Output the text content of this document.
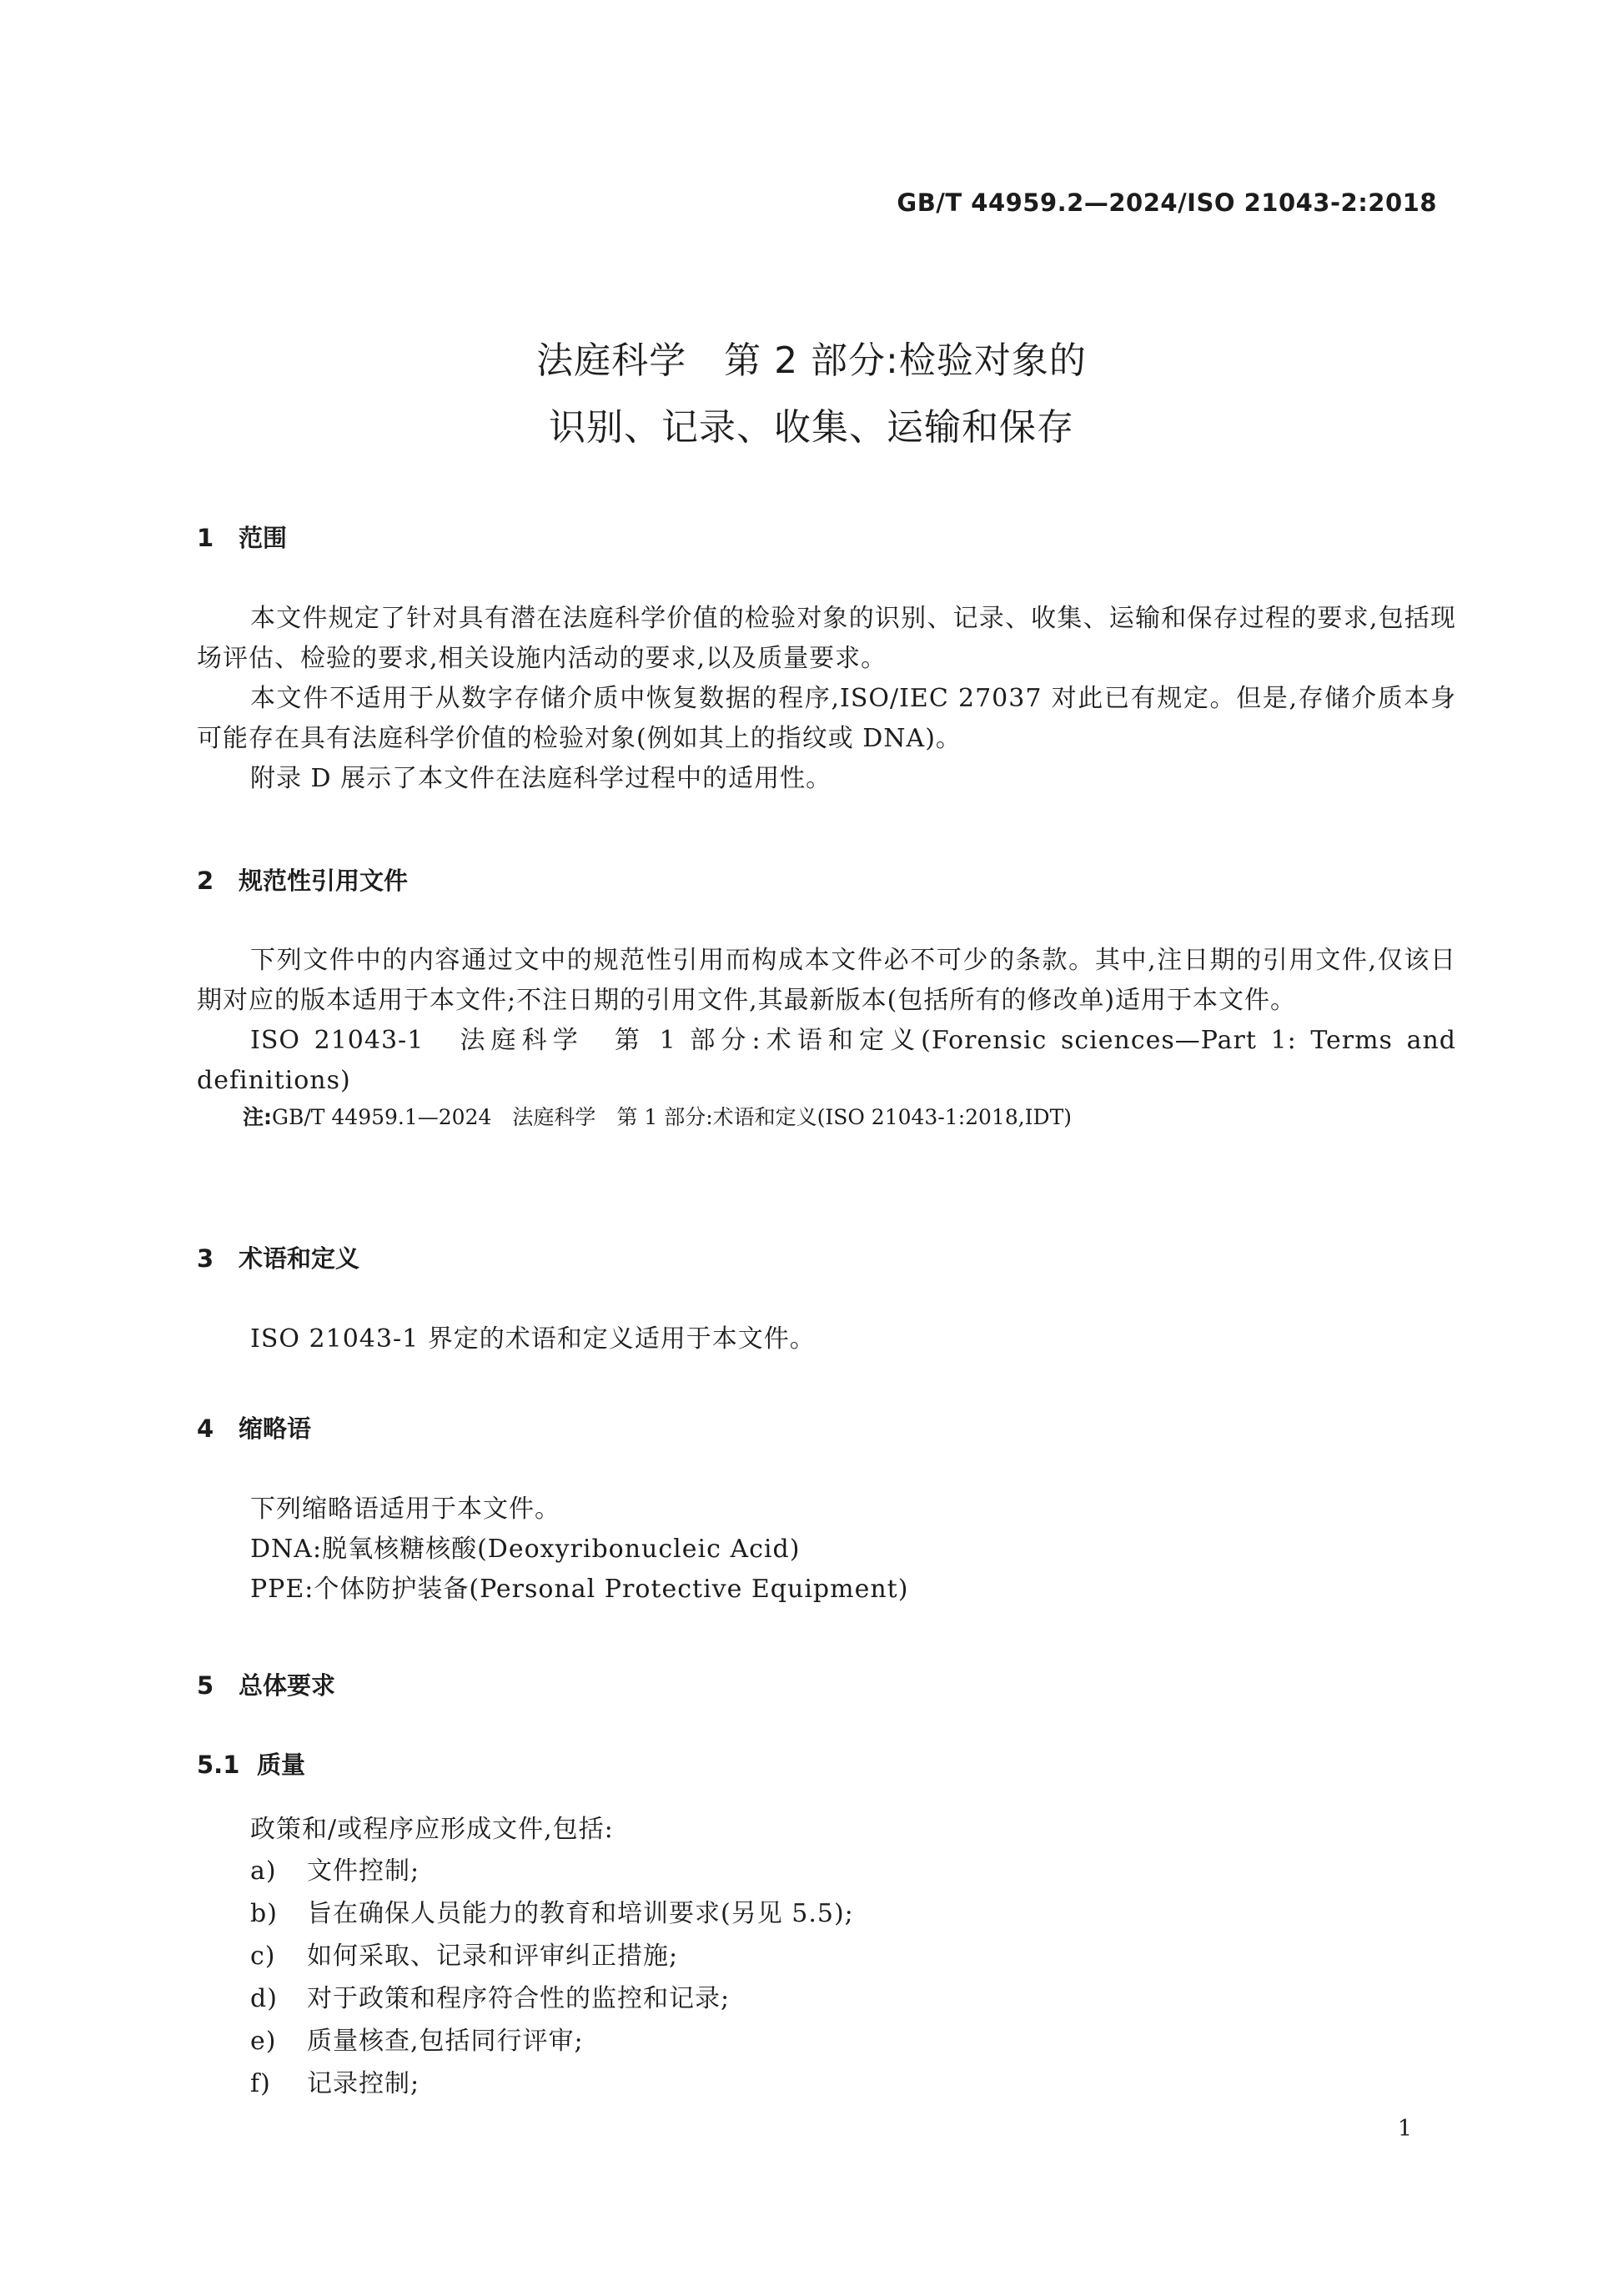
GB/T 44959.2—2024/ISO 21043-2:2018
法庭科学　第 2 部分:检验对象的
识别、记录、收集、运输和保存
1 范围

本文件规定了针对具有潜在法庭科学价值的检验对象的识别、记录、收集、运输和保存过程的要求,包括现场评估、检验的要求,相关设施内活动的要求,以及质量要求。

本文件不适用于从数字存储介质中恢复数据的程序,ISO/IEC 27037 对此已有规定。但是,存储介质本身可能存在具有法庭科学价值的检验对象(例如其上的指纹或 DNA)。

附录 D 展示了本文件在法庭科学过程中的适用性。

2 规范性引用文件

下列文件中的内容通过文中的规范性引用而构成本文件必不可少的条款。其中,注日期的引用文件,仅该日期对应的版本适用于本文件;不注日期的引用文件,其最新版本(包括所有的修改单)适用于本文件。

ISO 21043-1　法庭科学　第 1 部分:术语和定义(Forensic sciences—Part 1: Terms and definitions)

注:GB/T 44959.1—2024　法庭科学　第 1 部分:术语和定义(ISO 21043-1:2018,IDT)

3 术语和定义

ISO 21043-1 界定的术语和定义适用于本文件。

4 缩略语

下列缩略语适用于本文件。

DNA:脱氧核糖核酸(Deoxyribonucleic Acid)

PPE:个体防护装备(Personal Protective Equipment)

5 总体要求
5.1 质量

政策和/或程序应形成文件,包括:

a) 文件控制;

b) 旨在确保人员能力的教育和培训要求(另见 5.5);

c) 如何采取、记录和评审纠正措施;

d) 对于政策和程序符合性的监控和记录;

e) 质量核查,包括同行评审;

f) 记录控制;

1
